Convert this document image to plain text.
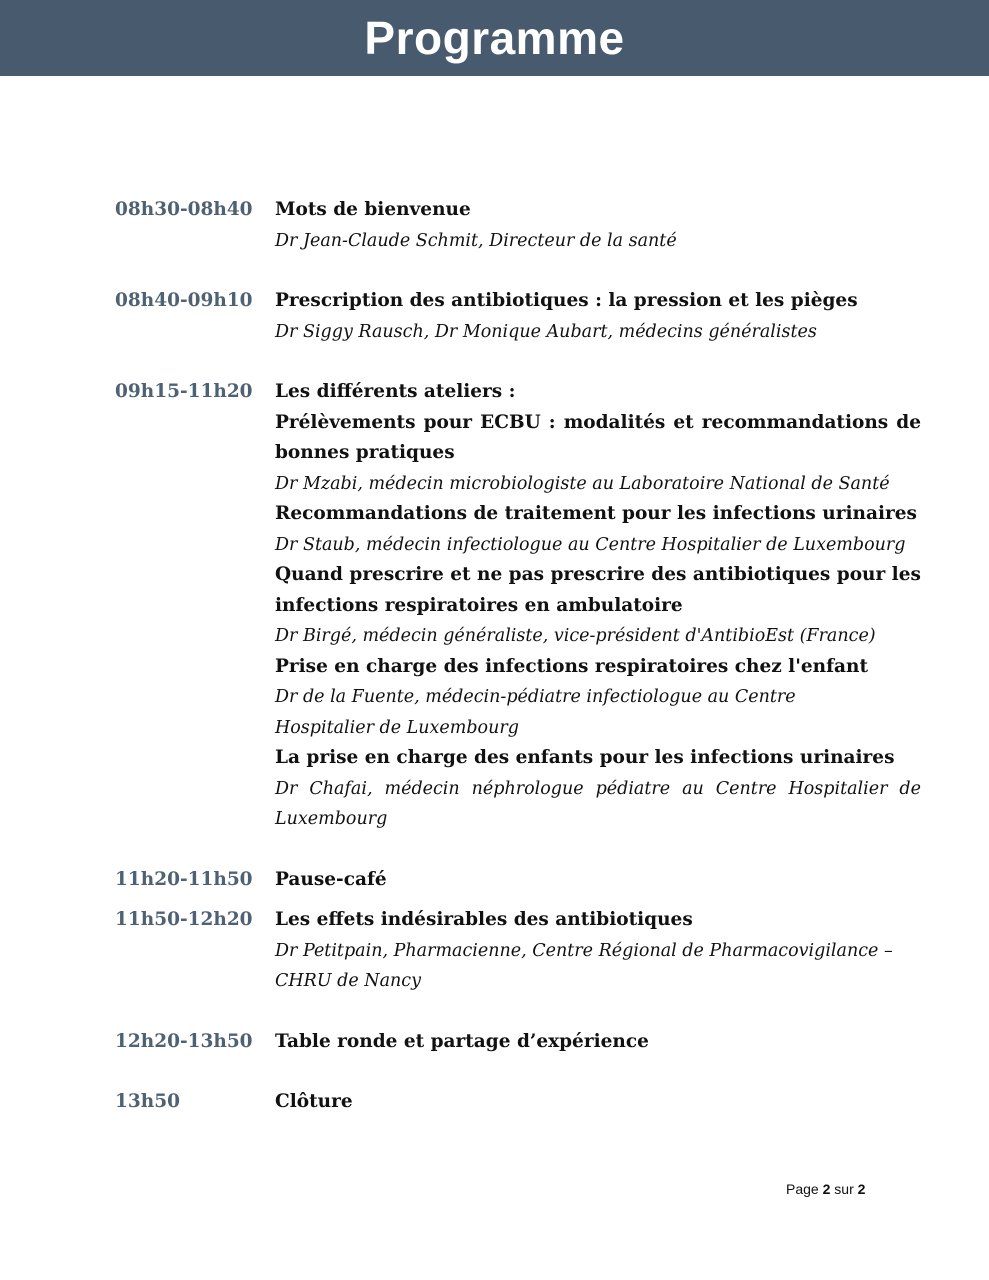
Programme
08h30-08h40	Mots de bienvenue
Dr Jean-Claude Schmit, Directeur de la santé
08h40-09h10	Prescription des antibiotiques : la pression et les pièges
Dr Siggy Rausch, Dr Monique Aubart, médecins généralistes
09h15-11h20	Les différents ateliers :
Prélèvements pour ECBU : modalités et recommandations de bonnes pratiques
Dr Mzabi, médecin microbiologiste au Laboratoire National de Santé
Recommandations de traitement pour les infections urinaires
Dr Staub, médecin infectiologue au Centre Hospitalier de Luxembourg
Quand prescrire et ne pas prescrire des antibiotiques pour les infections respiratoires en ambulatoire
Dr Birgé, médecin généraliste, vice-président d'AntibioEst (France)
Prise en charge des infections respiratoires chez l'enfant
Dr de la Fuente, médecin-pédiatre infectiologue au Centre Hospitalier de Luxembourg
La prise en charge des enfants pour les infections urinaires
Dr Chafai, médecin néphrologue pédiatre au Centre Hospitalier de Luxembourg
11h20-11h50	Pause-café
11h50-12h20	Les effets indésirables des antibiotiques
Dr Petitpain, Pharmacienne, Centre Régional de Pharmacovigilance – CHRU de Nancy
12h20-13h50	Table ronde et partage d’expérience
13h50	Clôture
Page 2 sur 2
